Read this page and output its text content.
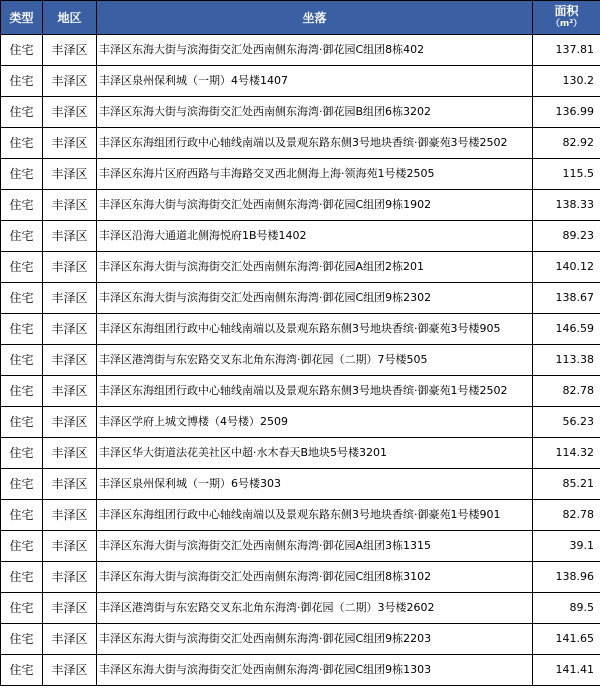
类型	地区	坐落	面积
（m²）

住宅	丰泽区	丰泽区东海大街与滨海街交汇处西南侧东海湾·御花园C组团8栋402	137.81
住宅	丰泽区	丰泽区泉州保利城（一期）4号楼1407	130.2
住宅	丰泽区	丰泽区东海大街与滨海街交汇处西南侧东海湾·御花园B组团6栋3202	136.99
住宅	丰泽区	丰泽区东海组团行政中心轴线南端以及景观东路东侧3号地块香缤·御豪苑3号楼2502	82.92
住宅	丰泽区	丰泽区东海片区府西路与丰海路交叉西北侧海上海·领海苑1号楼2505	115.5
住宅	丰泽区	丰泽区东海大街与滨海街交汇处西南侧东海湾·御花园C组团9栋1902	138.33
住宅	丰泽区	丰泽区沿海大通道北侧海悦府1B号楼1402	89.23
住宅	丰泽区	丰泽区东海大街与滨海街交汇处西南侧东海湾·御花园A组团2栋201	140.12
住宅	丰泽区	丰泽区东海大街与滨海街交汇处西南侧东海湾·御花园C组团9栋2302	138.67
住宅	丰泽区	丰泽区东海组团行政中心轴线南端以及景观东路东侧3号地块香缤·御豪苑3号楼905	146.59
住宅	丰泽区	丰泽区港湾街与东宏路交叉东北角东海湾·御花园（二期）7号楼505	113.38
住宅	丰泽区	丰泽区东海组团行政中心轴线南端以及景观东路东侧3号地块香缤·御豪苑1号楼2502	82.78
住宅	丰泽区	丰泽区学府上城文博楼（4号楼）2509	56.23
住宅	丰泽区	丰泽区华大街道法花美社区中超·水木春天B地块5号楼3201	114.32
住宅	丰泽区	丰泽区泉州保利城（一期）6号楼303	85.21
住宅	丰泽区	丰泽区东海组团行政中心轴线南端以及景观东路东侧3号地块香缤·御豪苑1号楼901	82.78
住宅	丰泽区	丰泽区东海大街与滨海街交汇处西南侧东海湾·御花园A组团3栋1315	39.1
住宅	丰泽区	丰泽区东海大街与滨海街交汇处西南侧东海湾·御花园C组团8栋3102	138.96
住宅	丰泽区	丰泽区港湾街与东宏路交叉东北角东海湾·御花园（二期）3号楼2602	89.5
住宅	丰泽区	丰泽区东海大街与滨海街交汇处西南侧东海湾·御花园C组团9栋2203	141.65
住宅	丰泽区	丰泽区东海大街与滨海街交汇处西南侧东海湾·御花园C组团9栋1303	141.41
